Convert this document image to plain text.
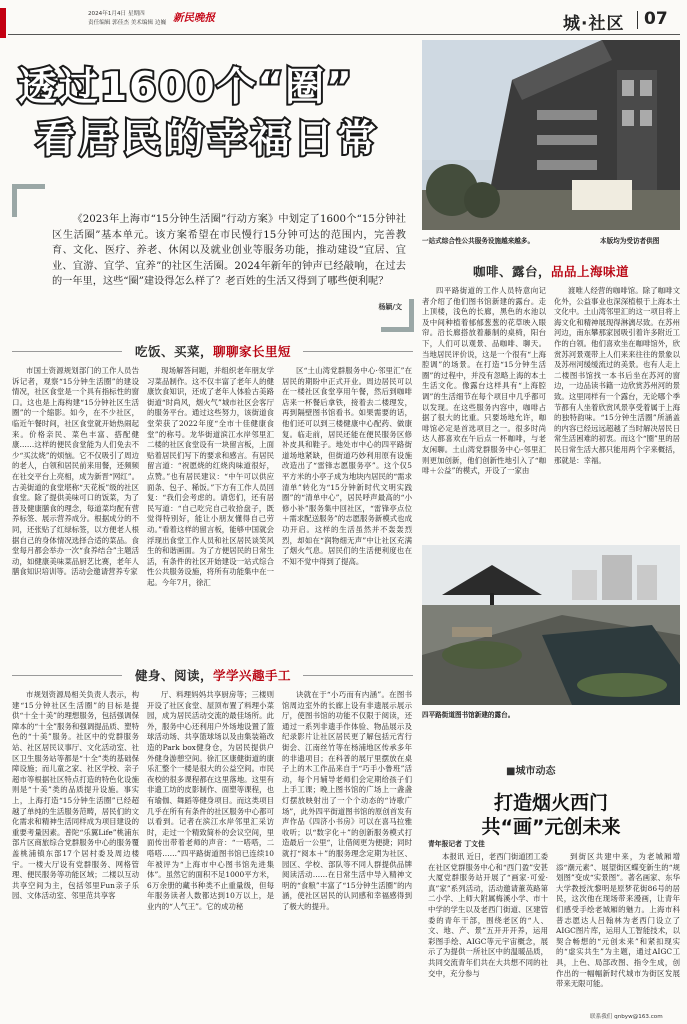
2024年1月4日 星期四
责任编辑 郭佳杰 美术编辑 边巍 新民晚报	城·社区 07
透过1600个“圈”
看居民的幸福日常
《2023年上海市“15分钟生活圈”行动方案》中划定了1600个“15分钟社区生活圈”基本单元。该方案希望在市民慢行15分钟可达的范围内，完善教育、文化、医疗、养老、休闲以及就业创业等服务功能，推动建设“宜居、宜业、宜游、宜学、宜养”的社区生活圈。2024年新年的钟声已经敲响，在过去的一年里，这些“圈”建设得怎么样了？老百姓的生活又得到了哪些便利呢？
杨颖/文
一站式综合性公共服务设施越来越多。	本版均为受访者供图
吃饭、买菜，聊聊家长里短
市国土资源规划部门的工作人员告诉记者，观察“15分钟生活圈”的建设情况，社区食堂是一个具有指标性的窗口。这也是上海构建“15分钟社区生活圈”的一个缩影。如今，在不少社区，临近午餐时间，社区食堂就开始热闹起来。价格亲民、菜色丰富、搭配健康……这样的便民食堂能为人们免去不少“买汰烧”的烦恼。它不仅吸引了周边的老人，白领和居民前来用餐，还频频在社交平台上亮相，成为新晋“网红”。古美街道的食堂堪称“天花板”级的社区食堂。除了提供美味可口的饭菜，为了普及健康膳食的理念，每道菜均配有营养标签、展示营养成分。根据成分的不同，还张贴了红绿标签，以方便老人根据自己的身体情况选择合适的菜品。食堂每月都会举办一次“食养结合”主题活动，如健康美味菜品厨艺比赛，老年人膳食知识培训等。活动会邀请营养专家
现场解答问题，并组织老年朋友学习菜品制作。这不仅丰富了老年人的健康饮食知识，还成了老年人体验古美路街道“时尚风，烟火气”城市社区会客厅的服务平台。通过这些努力，该街道食堂荣获了2022年度“全市十佳健康食堂”的称号。龙华街道滨江水岸邻里汇二楼的社区食堂设有一块留言板，上面贴着居民们写下的要求和感言。有居民留言道：“祝愿烧的红烧肉味道很好，点赞。”也有居民建议：“中午可以供应面条、包子、稀饭。”下方有工作人员回复：“我们会考虑的。请您们，还有居民写道：“自己吃完自己收拾盘子，既觉得特别好，能让小朋友懂得自己劳动。”看着这样的留言板，能够中国就会浮现出食堂工作人员和社区居民谈笑风生的和谐画面。为了方便居民的日常生活，有条件的社区开始建设一站式综合性公共服务设施，将所有功能集中在一起。今年7月，徐汇
区“土山湾党群服务中心·邻里汇”在居民的期盼中正式开业。周边居民可以在一楼社区食堂享用午餐，然后到咖啡店来一杯餐后拿铁，接着去二楼理发，再到隔壁图书馆看书。如果需要的话，他们还可以到三楼健康中心配药、做康复。临走前，居民还能在便民服务区修补皮具和鞋子。地处市中心的四平路街道场地紧缺，但街道巧妙利用原有设施改造出了“雷锋志愿服务亭”。这个仅5平方米的小亭子成为地块内居民的“需求清单”转化为“15分钟新时代文明实践圈”的“清单中心”，居民呼声最高的“小修小补”服务集中回社区，“雷锋亭点位＋需求配送服务”的志愿服务新模式也成功开启。这样的生活虽然并不轰轰烈烈，却如在“润物细无声”中让社区充满了烟火气息。居民们的生活便利度也在不知不觉中得到了提高。
咖啡、露台，品品上海味道
四平路街道的工作人员特意向记者介绍了他们图书馆新建的露台。走上顶楼，浅色的长廊，黑色的水池以及中间种植着郁郁葱葱的花草映入眼帘。沿长廊搭放着藤制的桌椅，阳台下，人们可以观景、品咖啡、聊天。当地居民评价说，这是一个很有“上海腔调”的场景。在打造“15分钟生活圈”的过程中，并没有忽略上海的本土生活文化。像露台这样具有“上海腔调”的生活细节在每个项目中几乎都可以发现。在这些服务内容中，咖啡占据了很大的比重。只要场地允许，咖啡馆必定是首选项目之一。很多时尚达人都喜欢在午后点一杯咖啡，与老友闲聊。土山湾党群服务中心·邻里汇则更加创新，他们创新性地引入了“咖啡＋公益”的模式，开设了一家由
渡唯人经营的咖啡馆。除了咖啡文化外，公益事业也深深植根于上海本土文化中。土山湾邻里汇的这一项目将上海文化和精神展现得淋漓尽致。在苏州河边，南东攀那家园吸引着许多附近工作的白领。他们喜欢坐在咖啡馆外，欣赏苏河景观带上人们来来往往的景象以及苏州河缓缓流过的美景。也有人走上二楼图书馆找一本书后坐在苏河的窗边，一边品读书籍一边欣赏苏州河的景致。这里同样有一个露台，无论哪个季节都有人坐着欣赏风景享受着属于上海的独特韵味。“15分钟生活圈”所涵盖的内容已经远远超越了当时解决居民日常生活困难的初衷。而这个“圈”里的居民日常生活大都只能用两个字来概括，那就是：幸福。
四平路街道图书馆新建的露台。
健身、阅读，学学兴趣手工
市规划资源局相关负责人表示，构建“15分钟社区生活圈”的目标是提供“十全十美”的理想服务，包括强调保障本的“十全”服务和强调提品质、塑特色的“十美”服务。社区中的党群服务站、社区居民议事厅、文化活动室、社区卫生服务站等都是“十全”类的基础保障设施；而儿童之家、社区学校、亲子超市等根据社区特点打造的特色化设施则是“十美”类的品质提升设施。事实上，上海打造“15分钟生活圈”已经超越了单纯的生活服务范畴，居民们的文化需求和精神生活同样成为项目建设的重要考量因素。普陀“乐翼Life”桃浦东部片区商旅综合党群服务中心的服务覆盖桃浦镇东部17个居村委及周边楼宇。一楼大厅设有党群服务、网格管理、便民服务等功能区域；二楼以互动共享空间为主，包括邻里Fun亲子乐园、文体活动室、邻里范共享客
厅、料理妈妈共享厨房等；三楼则开设了社区食堂、屋顶布置了料理小菜园，成为居民活动交流的最佳场所。此外，服务中心还利用户外场地设置了篮球活动场、共享篮球场以及由集装箱改造的Park box健身仓，为居民提供户外健身游憩空间。徐汇区康健街道的康乐汇整个一楼是很大的公益空间。市民夜校的很多课程都在这里落地。这里有非遗工坊的皮影制作、面塑等课程，也有瑜伽、舞蹈等健身项目。而这类项目几乎在所有有条件的社区服务中心都可以看到。记者在滨江水岸邻里汇采访时，走过一个精致简朴的会议空间，里面传出带着老师的声音：“一嗒嗒，二嗒嗒……”四平路街道图书馆已连续10年被评为“上海市中心图书馆先进集体”。虽然它的面积不足1000平方米，6万余册的藏书种类不止重量级，但每年服务读者人数都达到10万以上，是业内的“人气王”。它的成功秘
诀就在于“小巧而有内涵”。在图书馆周边室外的长廊上设有非遗展示展示厅，使图书馆的功能不仅限于阅读，还通过一系列非遗手作体验、物品展示及纪录影片让社区居民更了解包括元宵行街会、江南丝竹等在杨浦地区传承多年的非遗项目；在科普的展厅里摆放在桌子上的木工作品来自于“巧手小鲁班”活动，每个月辅导老师们会定期给孩子们上手工课；晚上图书馆的广场上一盏盏灯摆放映射出了一个个动态的“诗歌广场”，此外四平街道图书馆的原创首发有声作品《四济小书房》可以在喜马拉雅收听；以“数字化＋”的创新服务模式打造最后一公里“，让借阅更为便捷；同时就打“阅本＋”的服务理念定期为社区、园区、学校、部队等不同人群提供品牌阅读活动……在日常生活中导入精神文明的“食粮”丰富了“15分钟生活圈”的内涵，使社区居民的认同感和幸福感得到了极大的提升。
■城市动态
打造烟火西门
共“画”元创未来
青年报记者 丁文佳
本报讯 近日，老西门街道团工委在社区党群服务中心和“西门盈”安甚大厦党群服务站开展了“画家·可爱·真”家”系列活动，活动邀请董英路第二小学、上师大附属梅溪小学、市十中学的学生以及老西门街道、区建管委的青年干部，围绕老区的“人、文、地、产、景”五开开开养，运用彩图手绘、AIGC等元宇宙概念，展示了为提供一所社区中的温暖品质，共同交流青年们共在大共想不同的社交中，充分参与
到街区共建中来，为老城厢增添“潮元素”、展望街区蝶变新生的“规划图”变成“实景图”。著名画家、东华大学教授沈黎明是原梦花街86号的居民，这次他在现场带来漫画，让青年们感受手绘老城厢的魅力。上海市科普志愿达人吕翰林为老西门设立了AIGC图片库，运用人工智能技术，以契合畅想的“元创未来”和紧扣现实的“虚实共生”为主题，通过AIGC工具，上色、局部改图、指令生成，创作出的一幅幅新时代城市为街区发展带来无限可能。
联系我们 qnbyw@163.com
